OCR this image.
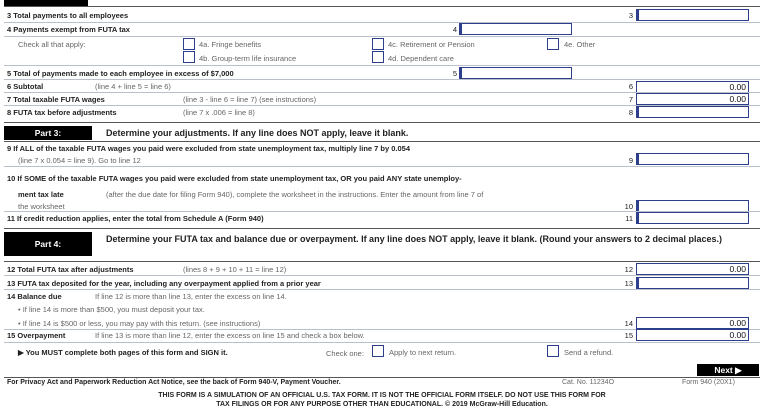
3 Total payments to all employees	3
4 Payments exempt from FUTA tax	4
Check all that apply:	4a. Fringe benefits	4c. Retirement or Pension	4e. Other
4b. Group-term life insurance	4d. Dependent care
5 Total of payments made to each employee in excess of $7,000	5
6 Subtotal	(line 4 + line 5 = line 6)	6	0.00
7 Total taxable FUTA wages	(line 3 - line 6 = line 7) (see instructions)	7	0.00
8 FUTA tax before adjustments	(line 7 x .006 = line 8)	8
Part 3:	Determine your adjustments. If any line does NOT apply, leave it blank.
9 If ALL of the taxable FUTA wages you paid were excluded from state unemployment tax, multiply line 7 by 0.054
(line 7 x 0.054 = line 9). Go to line 12	9
10 If SOME of the taxable FUTA wages you paid were excluded from state unemployment tax, OR you paid ANY state unemploy-
ment tax late	(after the due date for filing Form 940), complete the worksheet in the instructions. Enter the amount from line 7 of
the worksheet	10
11 If credit reduction applies, enter the total from Schedule A (Form 940)	11
Part 4:	Determine your FUTA tax and balance due or overpayment. If any line does NOT apply, leave it blank. (Round your answers to 2 decimal places.)
12 Total FUTA tax after adjustments	(lines 8 + 9 + 10 + 11 = line 12)	12	0.00
13 FUTA tax deposited for the year, including any overpayment applied from a prior year	13
14 Balance due	If line 12 is more than line 13, enter the excess on line 14.
• If line 14 is more than $500, you must deposit your tax.
• If line 14 is $500 or less, you may pay with this return. (see instructions)	14	0.00
15 Overpayment	If line 13 is more than line 12, enter the excess on line 15 and check a box below.	15	0.00
▶ You MUST complete both pages of this form and SIGN it.	Check one:	Apply to next return.	Send a refund.
Next ▶
For Privacy Act and Paperwork Reduction Act Notice, see the back of Form 940-V, Payment Voucher.	Cat. No. 11234O	Form 940 (20X1)
THIS FORM IS A SIMULATION OF AN OFFICIAL U.S. TAX FORM. IT IS NOT THE OFFICIAL FORM ITSELF. DO NOT USE THIS FORM FOR
TAX FILINGS OR FOR ANY PURPOSE OTHER THAN EDUCATIONAL. © 2019 McGraw-Hill Education.
